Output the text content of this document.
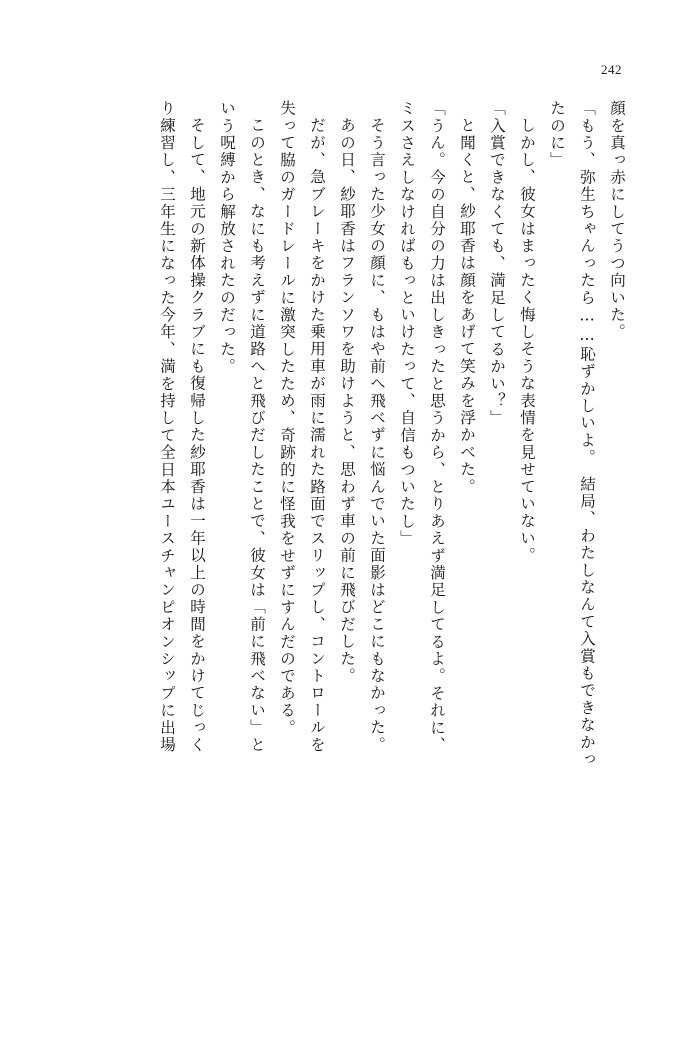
242
顔を真っ赤にしてうつ向いた。
「もう、弥生ちゃんったら……恥ずかしいよ。　結局、わたしなんて入賞もできなかっ
たのに」
しかし、彼女はまったく悔しそうな表情を見せていない。
「入賞できなくても、満足してるかい？」
と聞くと、紗耶香は顔をあげて笑みを浮かべた。
「うん。今の自分の力は出しきったと思うから、とりあえず満足してるよ。それに、
ミスさえしなければもっといけたって、自信もついたし」
そう言った少女の顔に、もはや前へ飛べずに悩んでいた面影はどこにもなかった。
あの日、紗耶香はフランソワを助けようと、思わず車の前に飛びだした。
だが、急ブレーキをかけた乗用車が雨に濡れた路面でスリップし、コントロールを
失って脇のガードレールに激突したため、奇跡的に怪我をせずにすんだのである。
このとき、なにも考えずに道路へと飛びだしたことで、彼女は「前に飛べない」と
いう呪縛から解放されたのだった。
そして、地元の新体操クラブにも復帰した紗耶香は一年以上の時間をかけてじっく
り練習し、三年生になった今年、満を持して全日本ユースチャンピオンシップに出場
